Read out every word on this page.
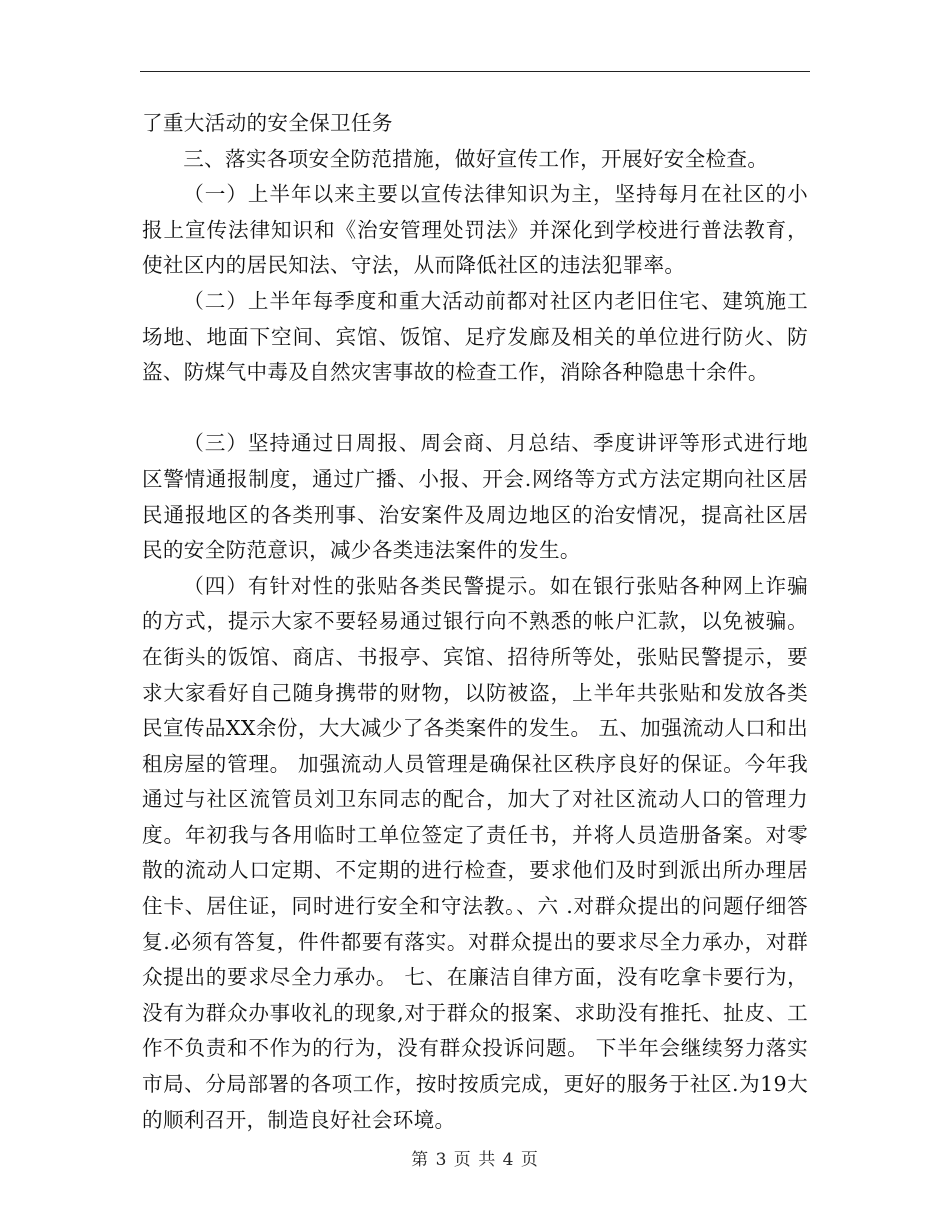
了重大活动的安全保卫任务

三、落实各项安全防范措施，做好宣传工作，开展好安全检查。

（一）上半年以来主要以宣传法律知识为主，坚持每月在社区的小报上宣传法律知识和《治安管理处罚法》并深化到学校进行普法教育，使社区内的居民知法、守法，从而降低社区的违法犯罪率。

（二）上半年每季度和重大活动前都对社区内老旧住宅、建筑施工场地、地面下空间、宾馆、饭馆、足疗发廊及相关的单位进行防火、防盗、防煤气中毒及自然灾害事故的检查工作，消除各种隐患十余件。

（三）坚持通过日周报、周会商、月总结、季度讲评等形式进行地区警情通报制度，通过广播、小报、开会.网络等方式方法定期向社区居民通报地区的各类刑事、治安案件及周边地区的治安情况，提高社区居民的安全防范意识，减少各类违法案件的发生。

（四）有针对性的张贴各类民警提示。如在银行张贴各种网上诈骗的方式，提示大家不要轻易通过银行向不熟悉的帐户汇款，以免被骗。在街头的饭馆、商店、书报亭、宾馆、招待所等处，张贴民警提示，要求大家看好自己随身携带的财物，以防被盗，上半年共张贴和发放各类民宣传品XX余份，大大减少了各类案件的发生。 五、加强流动人口和出租房屋的管理。 加强流动人员管理是确保社区秩序良好的保证。今年我通过与社区流管员刘卫东同志的配合，加大了对社区流动人口的管理力度。年初我与各用临时工单位签定了责任书，并将人员造册备案。对零散的流动人口定期、不定期的进行检查，要求他们及时到派出所办理居住卡、居住证，同时进行安全和守法教。、六 .对群众提出的问题仔细答复.必须有答复，件件都要有落实。对群众提出的要求尽全力承办，对群众提出的要求尽全力承办。 七、在廉洁自律方面，没有吃拿卡要行为，没有为群众办事收礼的现象,对于群众的报案、求助没有推托、扯皮、工作不负责和不作为的行为，没有群众投诉问题。 下半年会继续努力落实市局、分局部署的各项工作，按时按质完成，更好的服务于社区.为19大的顺利召开，制造良好社会环境。

第 3 页 共 4 页
